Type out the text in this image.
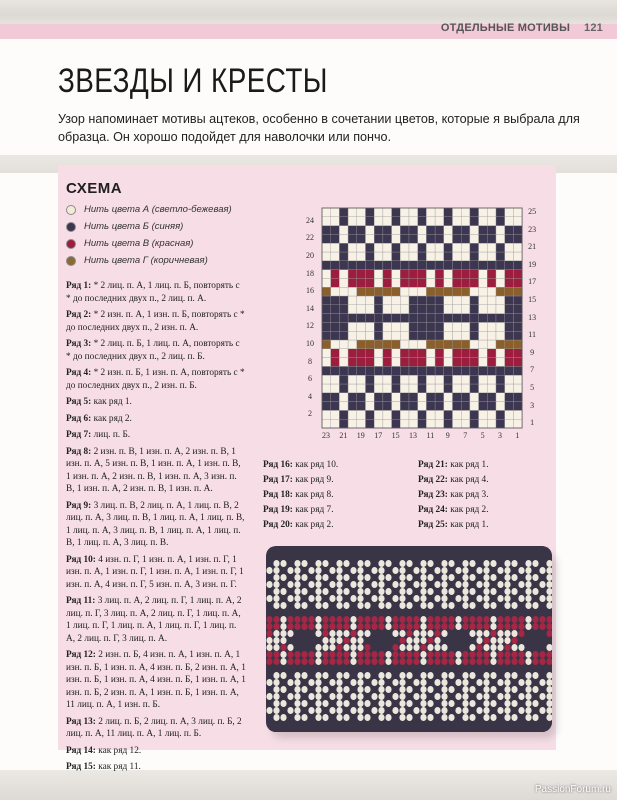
ОТДЕЛЬНЫЕ МОТИВЫ 121
ЗВЕЗДЫ И КРЕСТЫ

Узор напоминает мотивы ацтеков, особенно в сочетании цветов, которые я выбрала для образца. Он хорошо подойдет для наволочки или пончо.

СХЕМА
Нить цвета А (светло-бежевая)
Нить цвета Б (синяя)
Нить цвета В (красная)
Нить цвета Г (коричневая)
Ряд 1: * 2 лиц. п. А, 1 лиц. п. Б, повторять с * до последних двух п., 2 лиц. п. А.
Ряд 2: * 2 изн. п. А, 1 изн. п. Б, повторять с * до последних двух п., 2 изн. п. А.
Ряд 3: * 2 лиц. п. Б, 1 лиц. п. А, повторять с * до последних двух п., 2 лиц. п. Б.
Ряд 4: * 2 изн. п. Б, 1 изн. п. А, повторять с * до последних двух п., 2 изн. п. Б.
Ряд 5: как ряд 1.
Ряд 6: как ряд 2.
Ряд 7: лиц. п. Б.
Ряд 8: 2 изн. п. В, 1 изн. п. А, 2 изн. п. В, 1 изн. п. А, 5 изн. п. В, 1 изн. п. А, 1 изн. п. В, 1 изн. п. А, 2 изн. п. В, 1 изн. п. А, 3 изн. п. В, 1 изн. п. А, 2 изн. п. В, 1 изн. п. А.
Ряд 9: 3 лиц. п. В, 2 лиц. п. А, 1 лиц. п. В, 2 лиц. п. А, 3 лиц. п. В, 1 лиц. п. А, 1 лиц. п. В, 1 лиц. п. А, 3 лиц. п. В, 1 лиц. п. А, 1 лиц. п. В, 1 лиц. п. А, 3 лиц. п. В.
Ряд 10: 4 изн. п. Г, 1 изн. п. А, 1 изн. п. Г, 1 изн. п. А, 1 изн. п. Г, 1 изн. п. А, 1 изн. п. Г, 1 изн. п. А, 4 изн. п. Г, 5 изн. п. А, 3 изн. п. Г.
Ряд 11: 3 лиц. п. А, 2 лиц. п. Г, 1 лиц. п. А, 2 лиц. п. Г, 3 лиц. п. А, 2 лиц. п. Г, 1 лиц. п. А, 1 лиц. п. Г, 1 лиц. п. А, 1 лиц. п. Г, 1 лиц. п. А, 2 лиц. п. Г, 3 лиц. п. А.
Ряд 12: 2 изн. п. Б, 4 изн. п. А, 1 изн. п. А, 1 изн. п. Б, 1 изн. п. А, 4 изн. п. Б, 2 изн. п. А, 1 изн. п. Б, 1 изн. п. А, 4 изн. п. Б, 1 изн. п. А, 1 изн. п. Б, 2 изн. п. А, 1 изн. п. Б, 1 изн. п. А, 11 лиц. п. А, 1 изн. п. Б.
Ряд 13: 2 лиц. п. Б, 2 лиц. п. А, 3 лиц. п. Б, 2 лиц. п. А, 11 лиц. п. А, 1 лиц. п. Б.
Ряд 14: как ряд 12.
Ряд 15: как ряд 11.
Ряд 16: как ряд 10.
Ряд 17: как ряд 9.
Ряд 18: как ряд 8.
Ряд 19: как ряд 7.
Ряд 20: как ряд 2.
Ряд 21: как ряд 1.
Ряд 22: как ряд 4.
Ряд 23: как ряд 3.
Ряд 24: как ряд 2.
Ряд 25: как ряд 1.
24
22
20
18
16
14
12
10
8
6
4
2
25
23
21
19
17
15
13
11
9
7
5
3
1
23	21	19	17	15	13	11	9	7	5	3	1
PassionForum.ru
